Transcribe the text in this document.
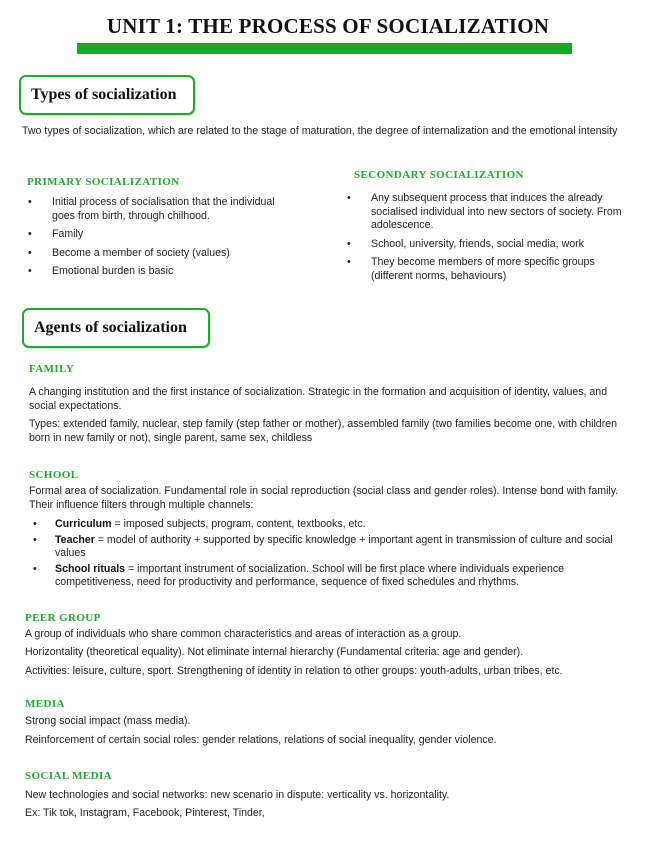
UNIT 1: THE PROCESS OF SOCIALIZATION
Types of socialization

Two types of socialization, which are related to the stage of maturation, the degree of internalization and the emotional intensity

PRIMARY SOCIALIZATION
• Initial process of socialisation that the individual goes from birth, through chilhood.
• Family
• Become a member of society (values)
• Emotional burden is basic
SECONDARY SOCIALIZATION
• Any subsequent process that induces the already socialised individual into new sectors of society. From adolescence.
• School, university, friends, social media, work
• They become members of more specific groups (different norms, behaviours)
Agents of socialization
FAMILY

A changing institution and the first instance of socialization. Strategic in the formation and acquisition of identity, values, and social expectations.

Types: extended family, nuclear, step family (step father or mother), assembled family (two families become one, with children born in new family or not), single parent, same sex, childless

SCHOOL

Formal area of socialization. Fundamental role in social reproduction (social class and gender roles). Intense bond with family. Their influence filters through multiple channels:

• Curriculum = imposed subjects, program, content, textbooks, etc.
• Teacher = model of authority + supported by specific knowledge + important agent in transmission of culture and social values
• School rituals = important instrument of socialization. School will be first place where individuals experience competitiveness, need for productivity and performance, sequence of fixed schedules and rhythms.
PEER GROUP

A group of individuals who share common characteristics and areas of interaction as a group.

Horizontality (theoretical equality). Not eliminate internal hierarchy (Fundamental criteria: age and gender).

Activities: leisure, culture, sport. Strengthening of identity in relation to other groups: youth-adults, urban tribes, etc.

MEDIA

Strong social impact (mass media).

Reinforcement of certain social roles: gender relations, relations of social inequality, gender violence.

SOCIAL MEDIA

New technologies and social networks: new scenario in dispute: verticality vs. horizontality.

Ex: Tik tok, Instagram, Facebook, Pinterest, Tinder,
